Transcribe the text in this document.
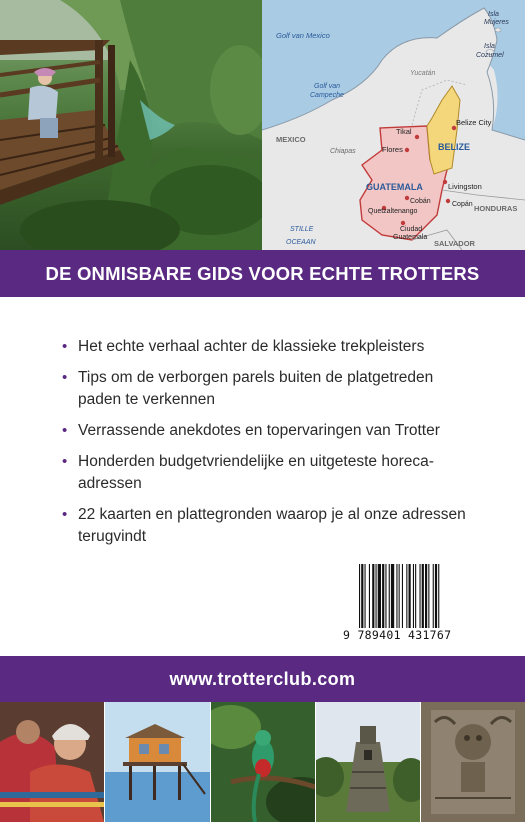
Golf van Mexico
Isla
Mujeres
Isla
Cozumel
Yucatán
Golf van
Campeche
MEXICO
Chiapas
Tikal
Flores
Belize City
BELIZE
GUATEMALA	Livingston
Cobán	Copán
Quetzaltenango	HONDURAS
Ciudad
Guatemala
STILLE
OCEAAN	SALVADOR
DE ONMISBARE GIDS VOOR ECHTE TROTTERS
• Het echte verhaal achter de klassieke trekpleisters
• Tips om de verborgen parels buiten de platgetreden
paden te verkennen
• Verrassende anekdotes en topervaringen van Trotter
• Honderden budgetvriendelijke en uitgeteste horeca-
adressen
• 22 kaarten en plattegronden waarop je al onze adressen
terugvindt
9 789401 431767
www.trotterclub.com
